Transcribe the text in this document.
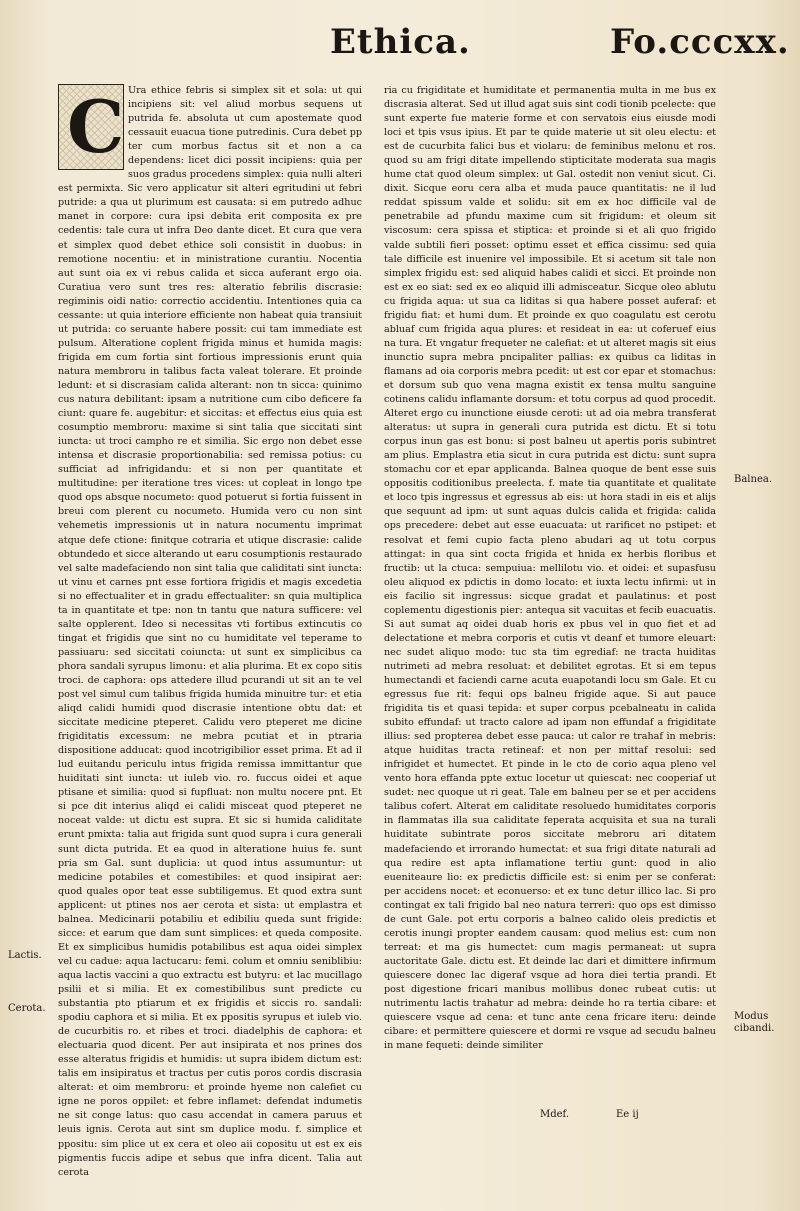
Ethica.	Fo.cccxx.
C Ura ethice febris si simplex sit et sola: ut qui incipiens sit: vel aliud morbus sequens ut putrida fe. absoluta ut cum apostemate quod cessauit euacua tione putredinis. Cura debet pp ter cum morbus factus sit et non a ca dependens: licet dici possit incipiens: quia per suos gradus procedens simplex: quia nulli alteri est permixta. Sic vero applicatur sit alteri egritudini ut febri putride: a qua ut plurimum est causata: si em putredo adhuc manet in corpore: cura ipsi debita erit composita ex pre cedentis: tale cura ut infra Deo dante dicet. Et cura que vera et simplex quod debet ethice soli consistit in duobus: in remotione nocentiu: et in ministratione curantiu. Nocentia aut sunt oia ex vi rebus calida et sicca auferant ergo oia. Curatiua vero sunt tres res: alteratio febrilis discrasie: regiminis oidi natio: correctio accidentiu. Intentiones quia ca cessante: ut quia interiore efficiente non habeat quia transiuit ut putrida: co seruante habere possit: cui tam immediate est pulsum. Alteratione coplent frigida minus et humida magis: frigida em cum fortia sint fortious impressionis erunt quia natura membroru in talibus facta valeat tolerare. Et proinde ledunt: et si discrasiam calida alterant: non tn sicca: quinimo cus natura debilitant: ipsam a nutritione cum cibo deficere fa ciunt: quare fe. augebitur: et siccitas: et effectus eius quia est cosumptio membroru: maxime si sint talia que siccitati sint iuncta: ut troci campho re et similia. Sic ergo non debet esse intensa et discrasie proportionabilia: sed remissa potius: cu sufficiat ad infrigidandu: et si non per quantitate et multitudine: per iteratione tres vices: ut copleat in longo tpe quod ops absque nocumeto: quod potuerut si fortia fuissent in breui com plerent cu nocumeto. Humida vero cu non sint vehemetis impressionis ut in natura nocumentu imprimat atque defe ctione: finitque cotraria et utique discrasie: calide obtundedo et sicce alterando ut earu cosumptionis restaurado vel salte madefaciendo non sint talia que caliditati sint iuncta: ut vinu et carnes pnt esse fortiora frigidis et magis excedetia si no effectualiter et in gradu effectualiter: sn quia multiplica ta in quantitate et tpe: non tn tantu que natura sufficere: vel salte opplerent. Ideo si necessitas vti fortibus extincutis co tingat et frigidis que sint no cu humiditate vel teperame to passiuaru: sed siccitati coiuncta: ut sunt ex simplicibus ca phora sandali syrupus limonu: et alia plurima. Et ex copo sitis troci. de caphora: ops attedere illud pcurandi ut sit an te vel post vel simul cum talibus frigida humida minuitre tur: et etia aliqd calidi humidi quod discrasie intentione obtu dat: et siccitate medicine pteperet. Calidu vero pteperet me dicine frigiditatis excessum: ne mebra pcutiat et in ptraria dispositione adducat: quod incotrigibilior esset prima. Et ad il lud euitandu periculu intus frigida remissa immittantur que huiditati sint iuncta: ut iuleb vio. ro. fuccus oidei et aque ptisane et similia: quod si fupfluat: non multu nocere pnt. Et si pce dit interius aliqd ei calidi misceat quod pteperet ne noceat valde: ut dictu est supra. Et sic si humida caliditate erunt pmixta: talia aut frigida sunt quod supra i cura generali sunt dicta putrida. Et ea quod in alteratione huius fe. sunt pria sm Gal. sunt duplicia: ut quod intus assumuntur: ut medicine potabiles et comestibiles: et quod insipirat aer: quod quales opor teat esse subtiligemus. Et quod extra sunt applicent: ut ptines nos aer cerota et sista: ut emplastra et balnea. Medicinarii potabiliu et edibiliu queda sunt frigide: sicce: et earum que dam sunt simplices: et queda composite. Et ex simplicibus humidis potabilibus est aqua oidei simplex vel cu cadue: aqua lactucaru: femi. colum et omniu seniblibiu: aqua lactis vaccini a quo extractu est butyru: et lac mucillago psilii et si milia. Et ex comestibilibus sunt predicte cu substantia pto ptiarum et ex frigidis et siccis ro. sandali: spodiu caphora et si milia. Et ex ppositis syrupus et iuleb vio. de cucurbitis ro. et ribes et troci. diadelphis de caphora: et electuaria quod dicent. Per aut insipirata et nos prines dos esse alteratus frigidis et humidis: ut supra ibidem dictum est: talis em insipiratus et tractus per cutis poros cordis discrasia alterat: et oim membroru: et proinde hyeme non calefiet cu igne ne poros oppilet: et febre inflamet: defendat indumetis ne sit conge latus: quo casu accendat in camera paruus et leuis ignis. Cerota aut sint sm duplice modu. f. simplice et ppositu: sim plice ut ex cera et oleo aii copositu ut est ex eis pigmentis fuccis adipe et sebus que infra dicent. Talia aut cerota

ria cu frigiditate et humiditate et permanentia multa in me bus ex discrasia alterat. Sed ut illud agat suis sint codi tionib pcelecte: que sunt experte fue materie forme et con servatois eius eiusde modi loci et tpis vsus ipius. Et par te quide materie ut sit oleu electu: et est de cucurbita falici bus et violaru: de feminibus melonu et ros. quod su am frigi ditate impellendo stipticitate moderata sua magis hume ctat quod oleum simplex: ut Gal. ostedit non veniut sicut. Ci. dixit. Sicque eoru cera alba et muda pauce quantitatis: ne il lud reddat spissum valde et solidu: sit em ex hoc difficile val de penetrabile ad pfundu maxime cum sit frigidum: et oleum sit viscosum: cera spissa et stiptica: et proinde si et ali quo frigido valde subtili fieri posset: optimu esset et effica cissimu: sed quia tale difficile est inuenire vel impossibile. Et si acetum sit tale non simplex frigidu est: sed aliquid habes calidi et sicci. Et proinde non est ex eo siat: sed ex eo aliquid illi admisceatur. Sicque oleo ablutu cu frigida aqua: ut sua ca liditas si qua habere posset auferaf: et frigidu fiat: et humi dum. Et proinde ex quo coagulatu est cerotu abluaf cum frigida aqua plures: et resideat in ea: ut coferuef eius na tura. Et vngatur frequeter ne calefiat: et ut alteret magis sit eius inunctio supra mebra pncipaliter pallias: ex quibus ca liditas in flamans ad oia corporis mebra pcedit: ut est cor epar et stomachus: et dorsum sub quo vena magna existit ex tensa multu sanguine cotinens calidu inflamante dorsum: et totu corpus ad quod procedit. Alteret ergo cu inunctione eiusde ceroti: ut ad oia mebra transferat alteratus: ut supra in generali cura putrida est dictu. Et si totu corpus inun gas est bonu: si post balneu ut apertis poris subintret am plius. Emplastra etia sicut in cura putrida est dictu: sunt supra stomachu cor et epar applicanda. Balnea quoque de bent esse suis oppositis coditionibus preelecta. f. mate tia quantitate et qualitate et loco tpis ingressus et egressus ab eis: ut hora stadi in eis et alijs que sequunt ad ipm: ut sunt aquas dulcis calida et frigida: calida ops precedere: debet aut esse euacuata: ut rarificet no pstipet: et resolvat et femi cupio facta pleno abudari aq ut totu corpus attingat: in qua sint cocta frigida et hnida ex herbis floribus et fructib: ut la ctuca: sempuiua: mellilotu vio. et oidei: et supasfusu oleu aliquod ex pdictis in domo locato: et iuxta lectu infirmi: ut in eis facilio sit ingressus: sicque gradat et paulatinus: et post coplementu digestionis pier: antequa sit vacuitas et fecib euacuatis. Si aut sumat aq oidei duab horis ex pbus vel in quo fiet et ad delectatione et mebra corporis et cutis vt deanf et tumore eleuart: nec sudet aliquo modo: tuc sta tim egrediaf: ne tracta huiditas nutrimeti ad mebra resoluat: et debilitet egrotas. Et si em tepus humectandi et faciendi carne acuta euapotandi locu sm Gale. Et cu egressus fue rit: fequi ops balneu frigide aque. Si aut pauce frigidita tis et quasi tepida: et super corpus pcebalneatu in calida subito effundaf: ut tracto calore ad ipam non effundaf a frigiditate illius: sed propterea debet esse pauca: ut calor re trahaf in mebris: atque huiditas tracta retineaf: et non per mittaf resolui: sed infrigidet et humectet. Et pinde in le cto de corio aqua pleno vel vento hora effanda ppte extuc locetur ut quiescat: nec cooperiaf ut sudet: nec quoque ut ri geat. Tale em balneu per se et per accidens talibus cofert. Alterat em caliditate resoluedo humiditates corporis in flammatas illa sua caliditate feperata acquisita et sua na turali huiditate subintrate poros siccitate mebroru ari ditatem madefaciendo et irrorando humectat: et sua frigi ditate naturali ad qua redire est apta inflamatione tertiu gunt: quod in alio eueniteaure lio: ex predictis difficile est: si enim per se conferat: per accidens nocet: et econuerso: et ex tunc detur illico lac. Si pro contingat ex tali frigido bal neo natura terreri: quo ops est dimisso de cunt Gale. pot ertu corporis a balneo calido oleis predictis et cerotis inungi propter eandem causam: quod melius est: cum non terreat: et ma gis humectet: cum magis permaneat: ut supra auctoritate Gale. dictu est. Et deinde lac dari et dimittere infirmum quiescere donec lac digeraf vsque ad hora diei tertia prandi. Et post digestione fricari manibus mollibus donec rubeat cutis: ut nutrimentu lactis trahatur ad mebra: deinde ho ra tertia cibare: et quiescere vsque ad cena: et tunc ante cena fricare iteru: deinde cibare: et permittere quiescere et dormi re vsque ad secudu balneu in mane fequeti: deinde similiter

Balnea.
Lactis.
Cerota.
Modus cibandi.
Mdef.	Ee ij
